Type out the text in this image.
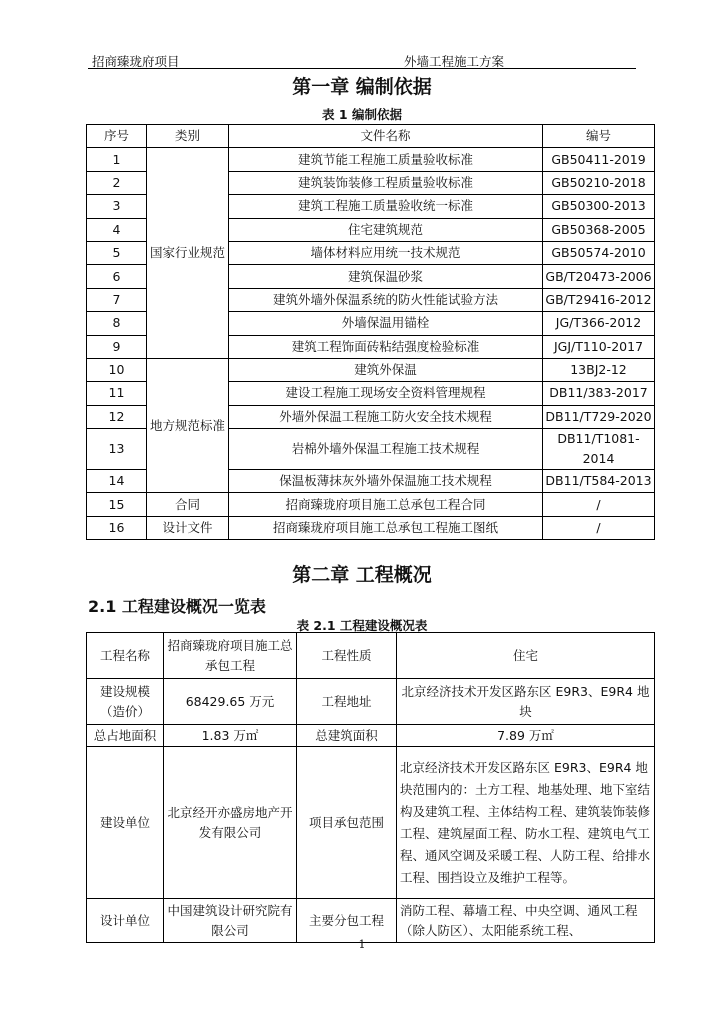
招商臻珑府项目	外墙工程施工方案
第一章 编制依据
表 1 编制依据
序号	类别	文件名称	编号
1	国家行业规范	建筑节能工程施工质量验收标准	GB50411-2019
2		建筑装饰装修工程质量验收标准	GB50210-2018
3		建筑工程施工质量验收统一标准	GB50300-2013
4		住宅建筑规范	GB50368-2005
5		墙体材料应用统一技术规范	GB50574-2010
6		建筑保温砂浆	GB/T20473-2006
7		建筑外墙外保温系统的防火性能试验方法	GB/T29416-2012
8		外墙保温用锚栓	JG/T366-2012
9		建筑工程饰面砖粘结强度检验标准	JGJ/T110-2017
10	地方规范标准	建筑外保温	13BJ2-12
11		建设工程施工现场安全资料管理规程	DB11/383-2017
12		外墙外保温工程施工防火安全技术规程	DB11/T729-2020
13		岩棉外墙外保温工程施工技术规程	DB11/T1081-2014
14		保温板薄抹灰外墙外保温施工技术规程	DB11/T584-2013
15	合同	招商臻珑府项目施工总承包工程合同	/
16	设计文件	招商臻珑府项目施工总承包工程施工图纸	/
第二章 工程概况
2.1 工程建设概况一览表
表 2.1 工程建设概况表
工程名称	招商臻珑府项目施工总承包工程	工程性质	住宅
建设规模（造价）	68429.65 万元	工程地址	北京经济技术开发区路东区 E9R3、E9R4 地块
总占地面积	1.83 万㎡	总建筑面积	7.89 万㎡
建设单位	北京经开亦盛房地产开发有限公司	项目承包范围	北京经济技术开发区路东区 E9R3、E9R4 地块范围内的：土方工程、地基处理、地下室结构及建筑工程、主体结构工程、建筑装饰装修工程、建筑屋面工程、防水工程、建筑电气工程、通风空调及采暖工程、人防工程、给排水工程、围挡设立及维护工程等。
设计单位	中国建筑设计研究院有限公司	主要分包工程	消防工程、幕墙工程、中央空调、通风工程（除人防区）、太阳能系统工程、
1
